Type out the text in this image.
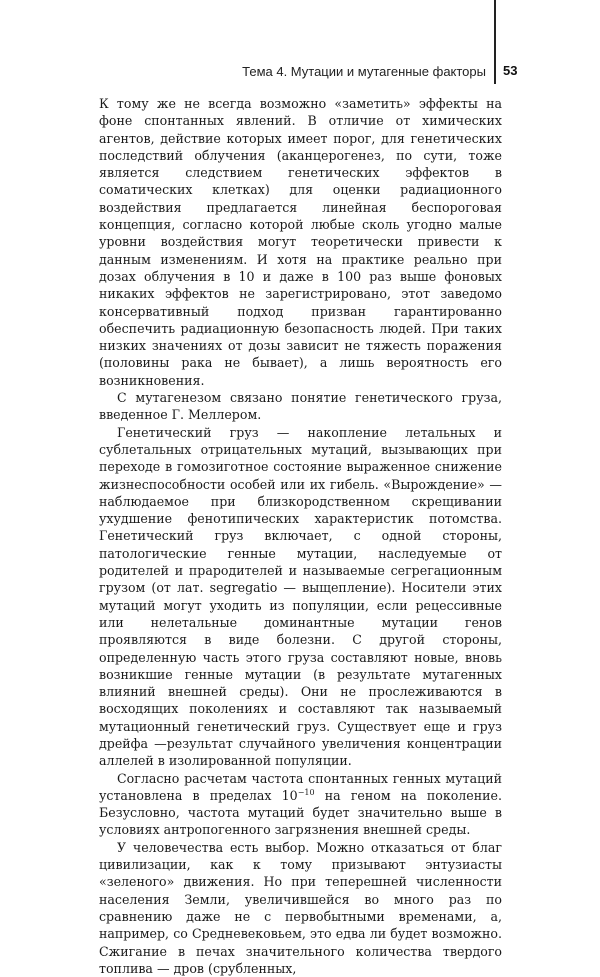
Тема 4. Мутации и мутагенные факторы 53

К тому же не всегда возможно «заметить» эффекты на фоне спонтанных явлений. В отличие от химических агентов, действие которых имеет порог, для генетических последствий облучения (аканцерогенез, по сути, тоже является следствием генетических эффектов в соматических клетках) для оценки радиационного воздействия предлагается линейная беспороговая концепция, согласно которой любые сколь угодно малые уровни воздействия могут теоретически привести к данным изменениям. И хотя на практике реально при дозах облучения в 10 и даже в 100 раз выше фоновых никаких эффектов не зарегистрировано, этот заведомо консервативный подход призван гарантированно обеспечить радиационную безопасность людей. При таких низких значениях от дозы зависит не тяжесть поражения (половины рака не бывает), а лишь вероятность его возникновения.

С мутагенезом связано понятие генетического груза, введенное Г. Меллером.

Генетический груз — накопление летальных и сублетальных отрицательных мутаций, вызывающих при переходе в гомозиготное состояние выраженное снижение жизнеспособности особей или их гибель. «Вырождение» — наблюдаемое при близкородственном скрещивании ухудшение фенотипических характеристик потомства. Генетический груз включает, с одной стороны, патологические генные мутации, наследуемые от родителей и прародителей и называемые сегрегационным грузом (от лат. segregatio — выщепление). Носители этих мутаций могут уходить из популяции, если рецессивные или нелетальные доминантные мутации генов проявляются в виде болезни. С другой стороны, определенную часть этого груза составляют новые, вновь возникшие генные мутации (в результате мутагенных влияний внешней среды). Они не прослеживаются в восходящих поколениях и составляют так называемый мутационный генетический груз. Существует еще и груз дрейфа —результат случайного увеличения концентрации аллелей в изолированной популяции.

Согласно расчетам частота спонтанных генных мутаций установлена в пределах $10^{-10}$ на геном на поколение. Безусловно, частота мутаций будет значительно выше в условиях антропогенного загрязнения внешней среды.

У человечества есть выбор. Можно отказаться от благ цивилизации, как к тому призывают энтузиасты «зеленого» движения. Но при теперешней численности населения Земли, увеличившейся во много раз по сравнению даже не с первобытными временами, а, например, со Средневековьем, это едва ли будет возможно. Сжигание в печах значительного количества твердого топлива — дров (срубленных,
